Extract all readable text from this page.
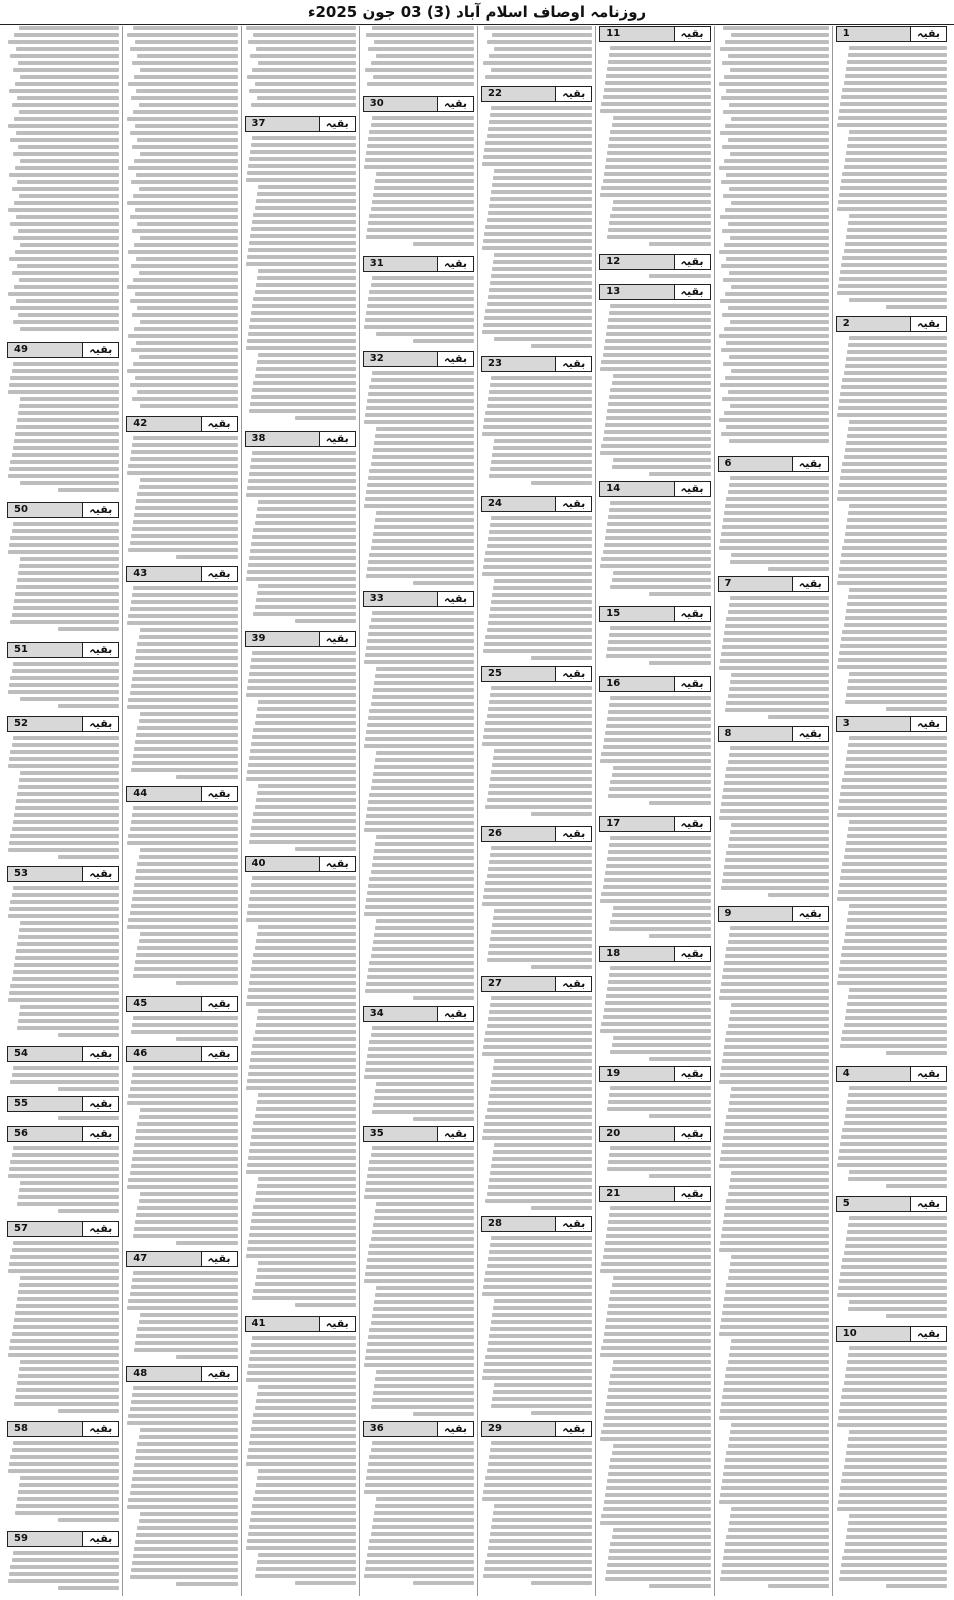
روزنامہ اوصاف اسلام آباد (3) 03 جون 2025ء
بقیہ
1
بقیہ
2
بقیہ
3
بقیہ
4
بقیہ
5
بقیہ
10
بقیہ
6
بقیہ
7
بقیہ
8
بقیہ
9
بقیہ
11
بقیہ
12
بقیہ
13
بقیہ
14
بقیہ
15
بقیہ
16
بقیہ
17
بقیہ
18
بقیہ
19
بقیہ
20
بقیہ
21
بقیہ
22
بقیہ
23
بقیہ
24
بقیہ
25
بقیہ
26
بقیہ
27
بقیہ
28
بقیہ
29
بقیہ
30
بقیہ
31
بقیہ
32
بقیہ
33
بقیہ
34
بقیہ
35
بقیہ
36
بقیہ
37
بقیہ
38
بقیہ
39
بقیہ
40
بقیہ
41
بقیہ
42
بقیہ
43
بقیہ
44
بقیہ
45
بقیہ
46
بقیہ
47
بقیہ
48
بقیہ
49
بقیہ
50
بقیہ
51
بقیہ
52
بقیہ
53
بقیہ
54
بقیہ
55
بقیہ
56
بقیہ
57
بقیہ
58
بقیہ
59
